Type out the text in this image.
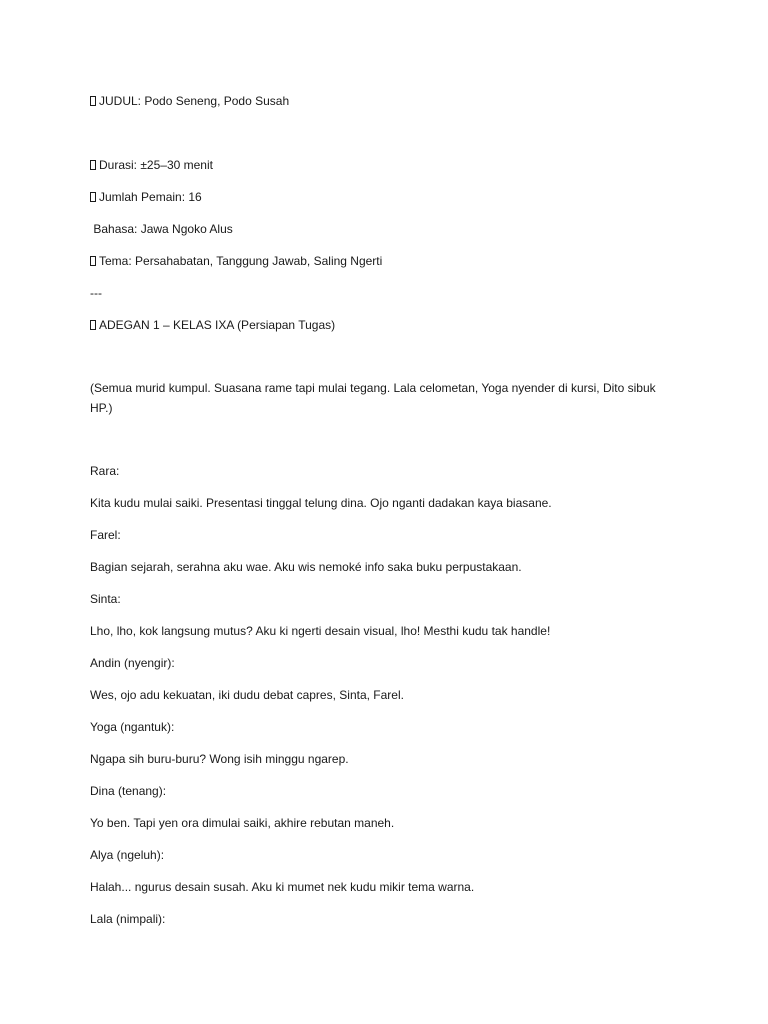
JUDUL: Podo Seneng, Podo Susah
Durasi: ±25–30 menit
Jumlah Pemain: 16
Bahasa: Jawa Ngoko Alus
Tema: Persahabatan, Tanggung Jawab, Saling Ngerti
---
ADEGAN 1 – KELAS IXA (Persiapan Tugas)
(Semua murid kumpul. Suasana rame tapi mulai tegang. Lala celometan, Yoga nyender di kursi, Dito sibuk HP.)
Rara:
Kita kudu mulai saiki. Presentasi tinggal telung dina. Ojo nganti dadakan kaya biasane.
Farel:
Bagian sejarah, serahna aku wae. Aku wis nemoké info saka buku perpustakaan.
Sinta:
Lho, lho, kok langsung mutus? Aku ki ngerti desain visual, lho! Mesthi kudu tak handle!
Andin (nyengir):
Wes, ojo adu kekuatan, iki dudu debat capres, Sinta, Farel.
Yoga (ngantuk):
Ngapa sih buru-buru? Wong isih minggu ngarep.
Dina (tenang):
Yo ben. Tapi yen ora dimulai saiki, akhire rebutan maneh.
Alya (ngeluh):
Halah... ngurus desain susah. Aku ki mumet nek kudu mikir tema warna.
Lala (nimpali):
